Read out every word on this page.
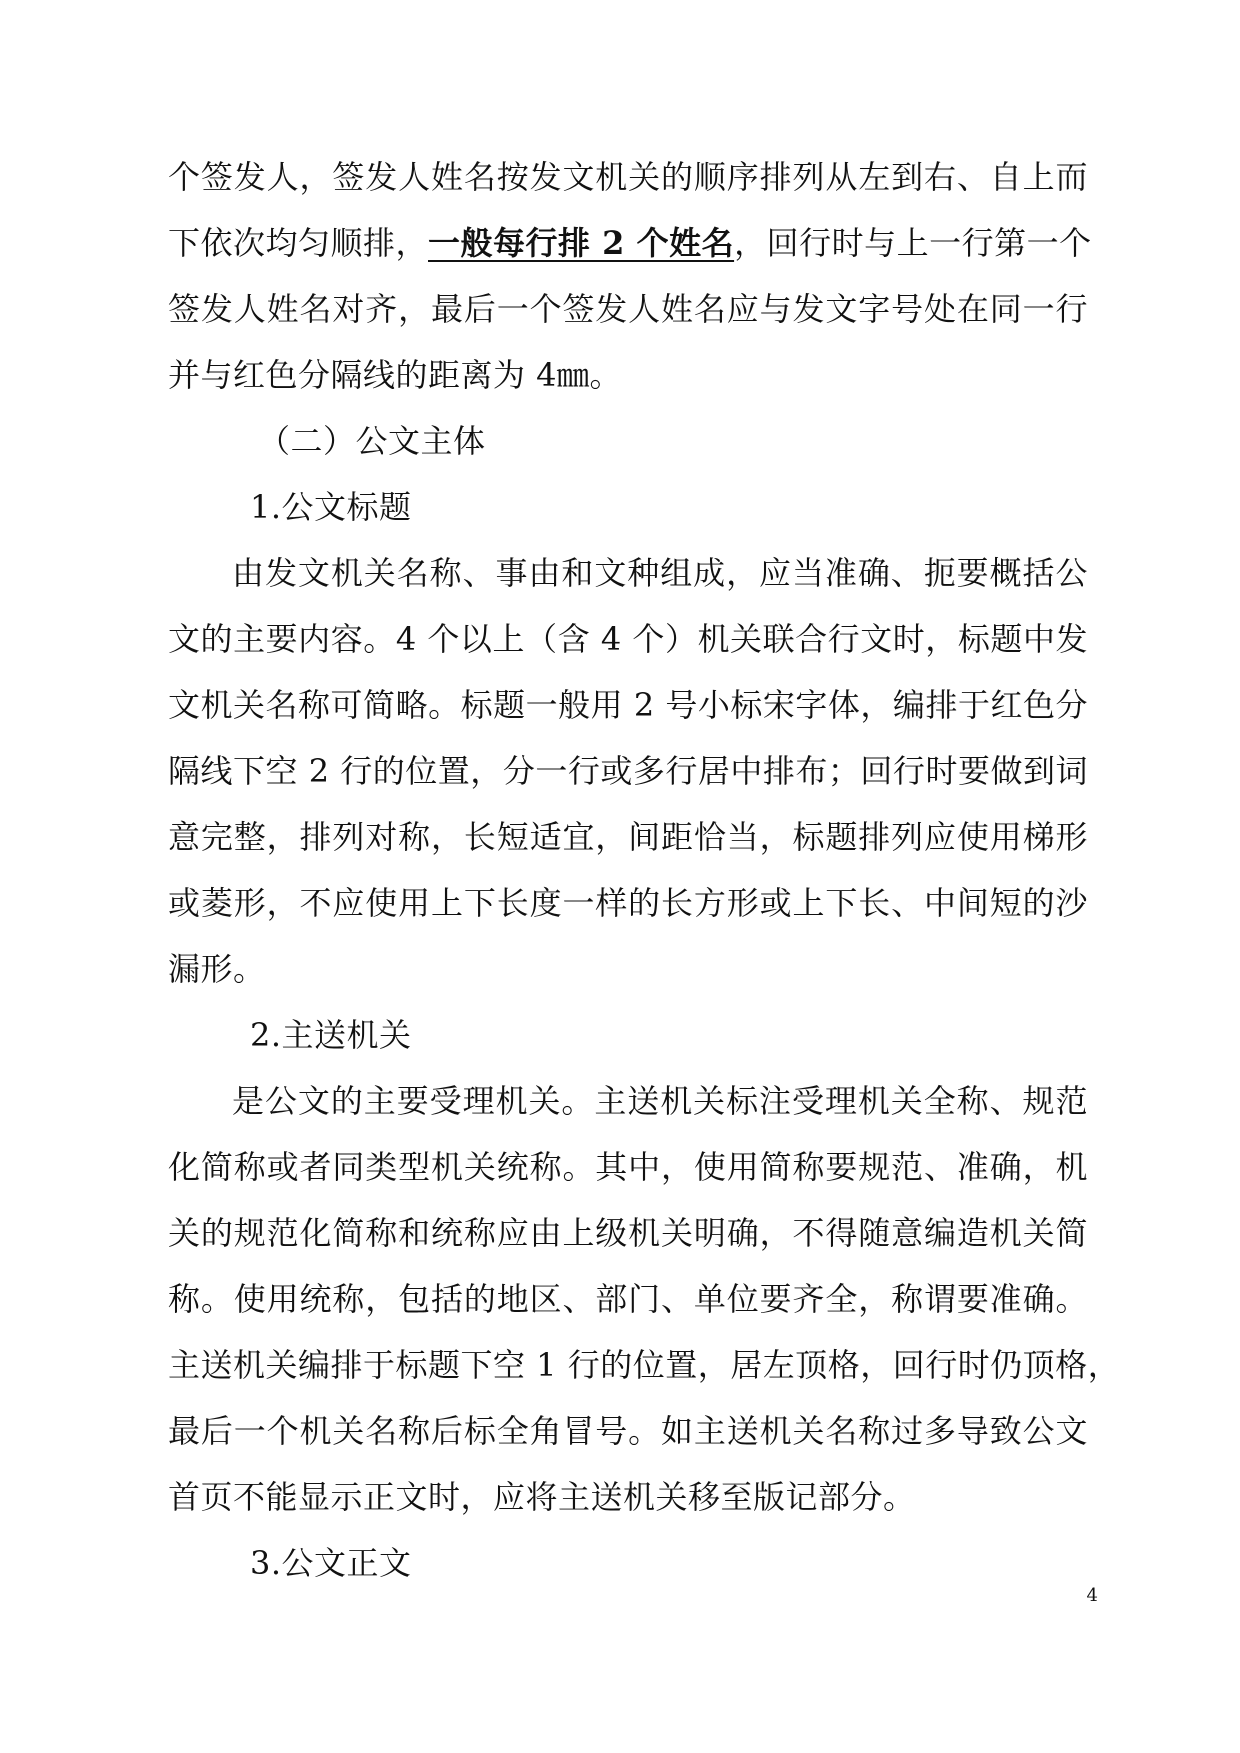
个签发人，签发人姓名按发文机关的顺序排列从左到右、自上而
下依次均匀顺排，一般每行排 2 个姓名，回行时与上一行第一个
签发人姓名对齐，最后一个签发人姓名应与发文字号处在同一行
并与红色分隔线的距离为 4㎜。
（二）公文主体
1.公文标题
由发文机关名称、事由和文种组成，应当准确、扼要概括公
文的主要内容。4 个以上（含 4 个）机关联合行文时，标题中发
文机关名称可简略。标题一般用 2 号小标宋字体，编排于红色分
隔线下空 2 行的位置，分一行或多行居中排布；回行时要做到词
意完整，排列对称，长短适宜，间距恰当，标题排列应使用梯形
或菱形，不应使用上下长度一样的长方形或上下长、中间短的沙
漏形。
2.主送机关
是公文的主要受理机关。主送机关标注受理机关全称、规范
化简称或者同类型机关统称。其中，使用简称要规范、准确，机
关的规范化简称和统称应由上级机关明确，不得随意编造机关简
称。使用统称，包括的地区、部门、单位要齐全，称谓要准确。
主送机关编排于标题下空 1 行的位置，居左顶格，回行时仍顶格，
最后一个机关名称后标全角冒号。如主送机关名称过多导致公文
首页不能显示正文时，应将主送机关移至版记部分。
3.公文正文
4
